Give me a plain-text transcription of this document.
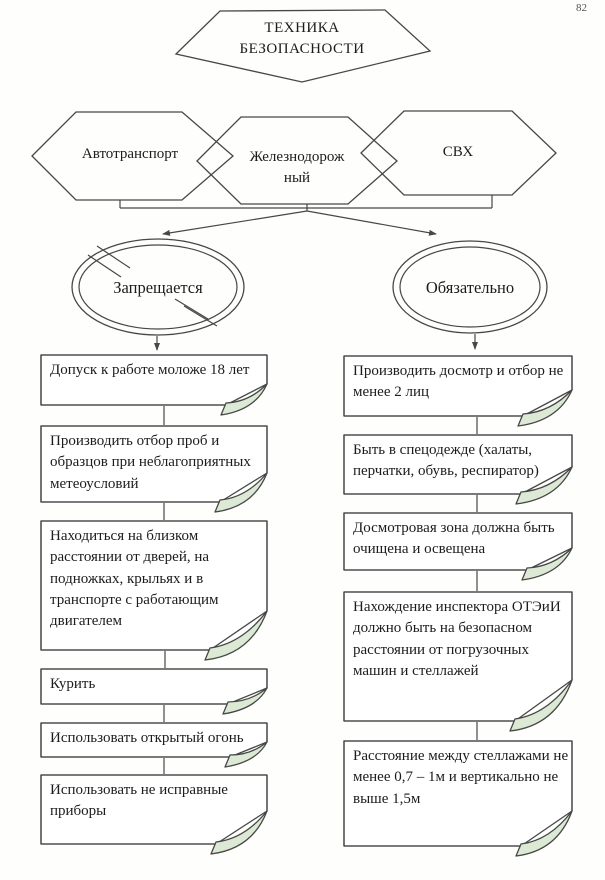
82
ТЕХНИКА БЕЗОПАСНОСТИ
Автотранспорт	Железнодорож ный
СВХ
Запрещается	Обязательно
Допуск к работе моложе 18 лет
Производить отбор проб и образцов при неблагоприятных метеоусловий
Находиться на близком расстоянии от дверей, на подножках, крыльях и в транспорте с работающим двигателем
Курить
Использовать открытый огонь
Использовать не исправные приборы
Производить досмотр и отбор не менее 2 лиц
Быть в спецодежде (халаты, перчатки, обувь, респиратор)
Досмотровая зона должна быть очищена и освещена
Нахождение инспектора ОТЭиИ должно быть на безопасном расстоянии от погрузочных машин и стеллажей
Расстояние между стеллажами не менее 0,7 – 1м и вертикально не выше 1,5м
